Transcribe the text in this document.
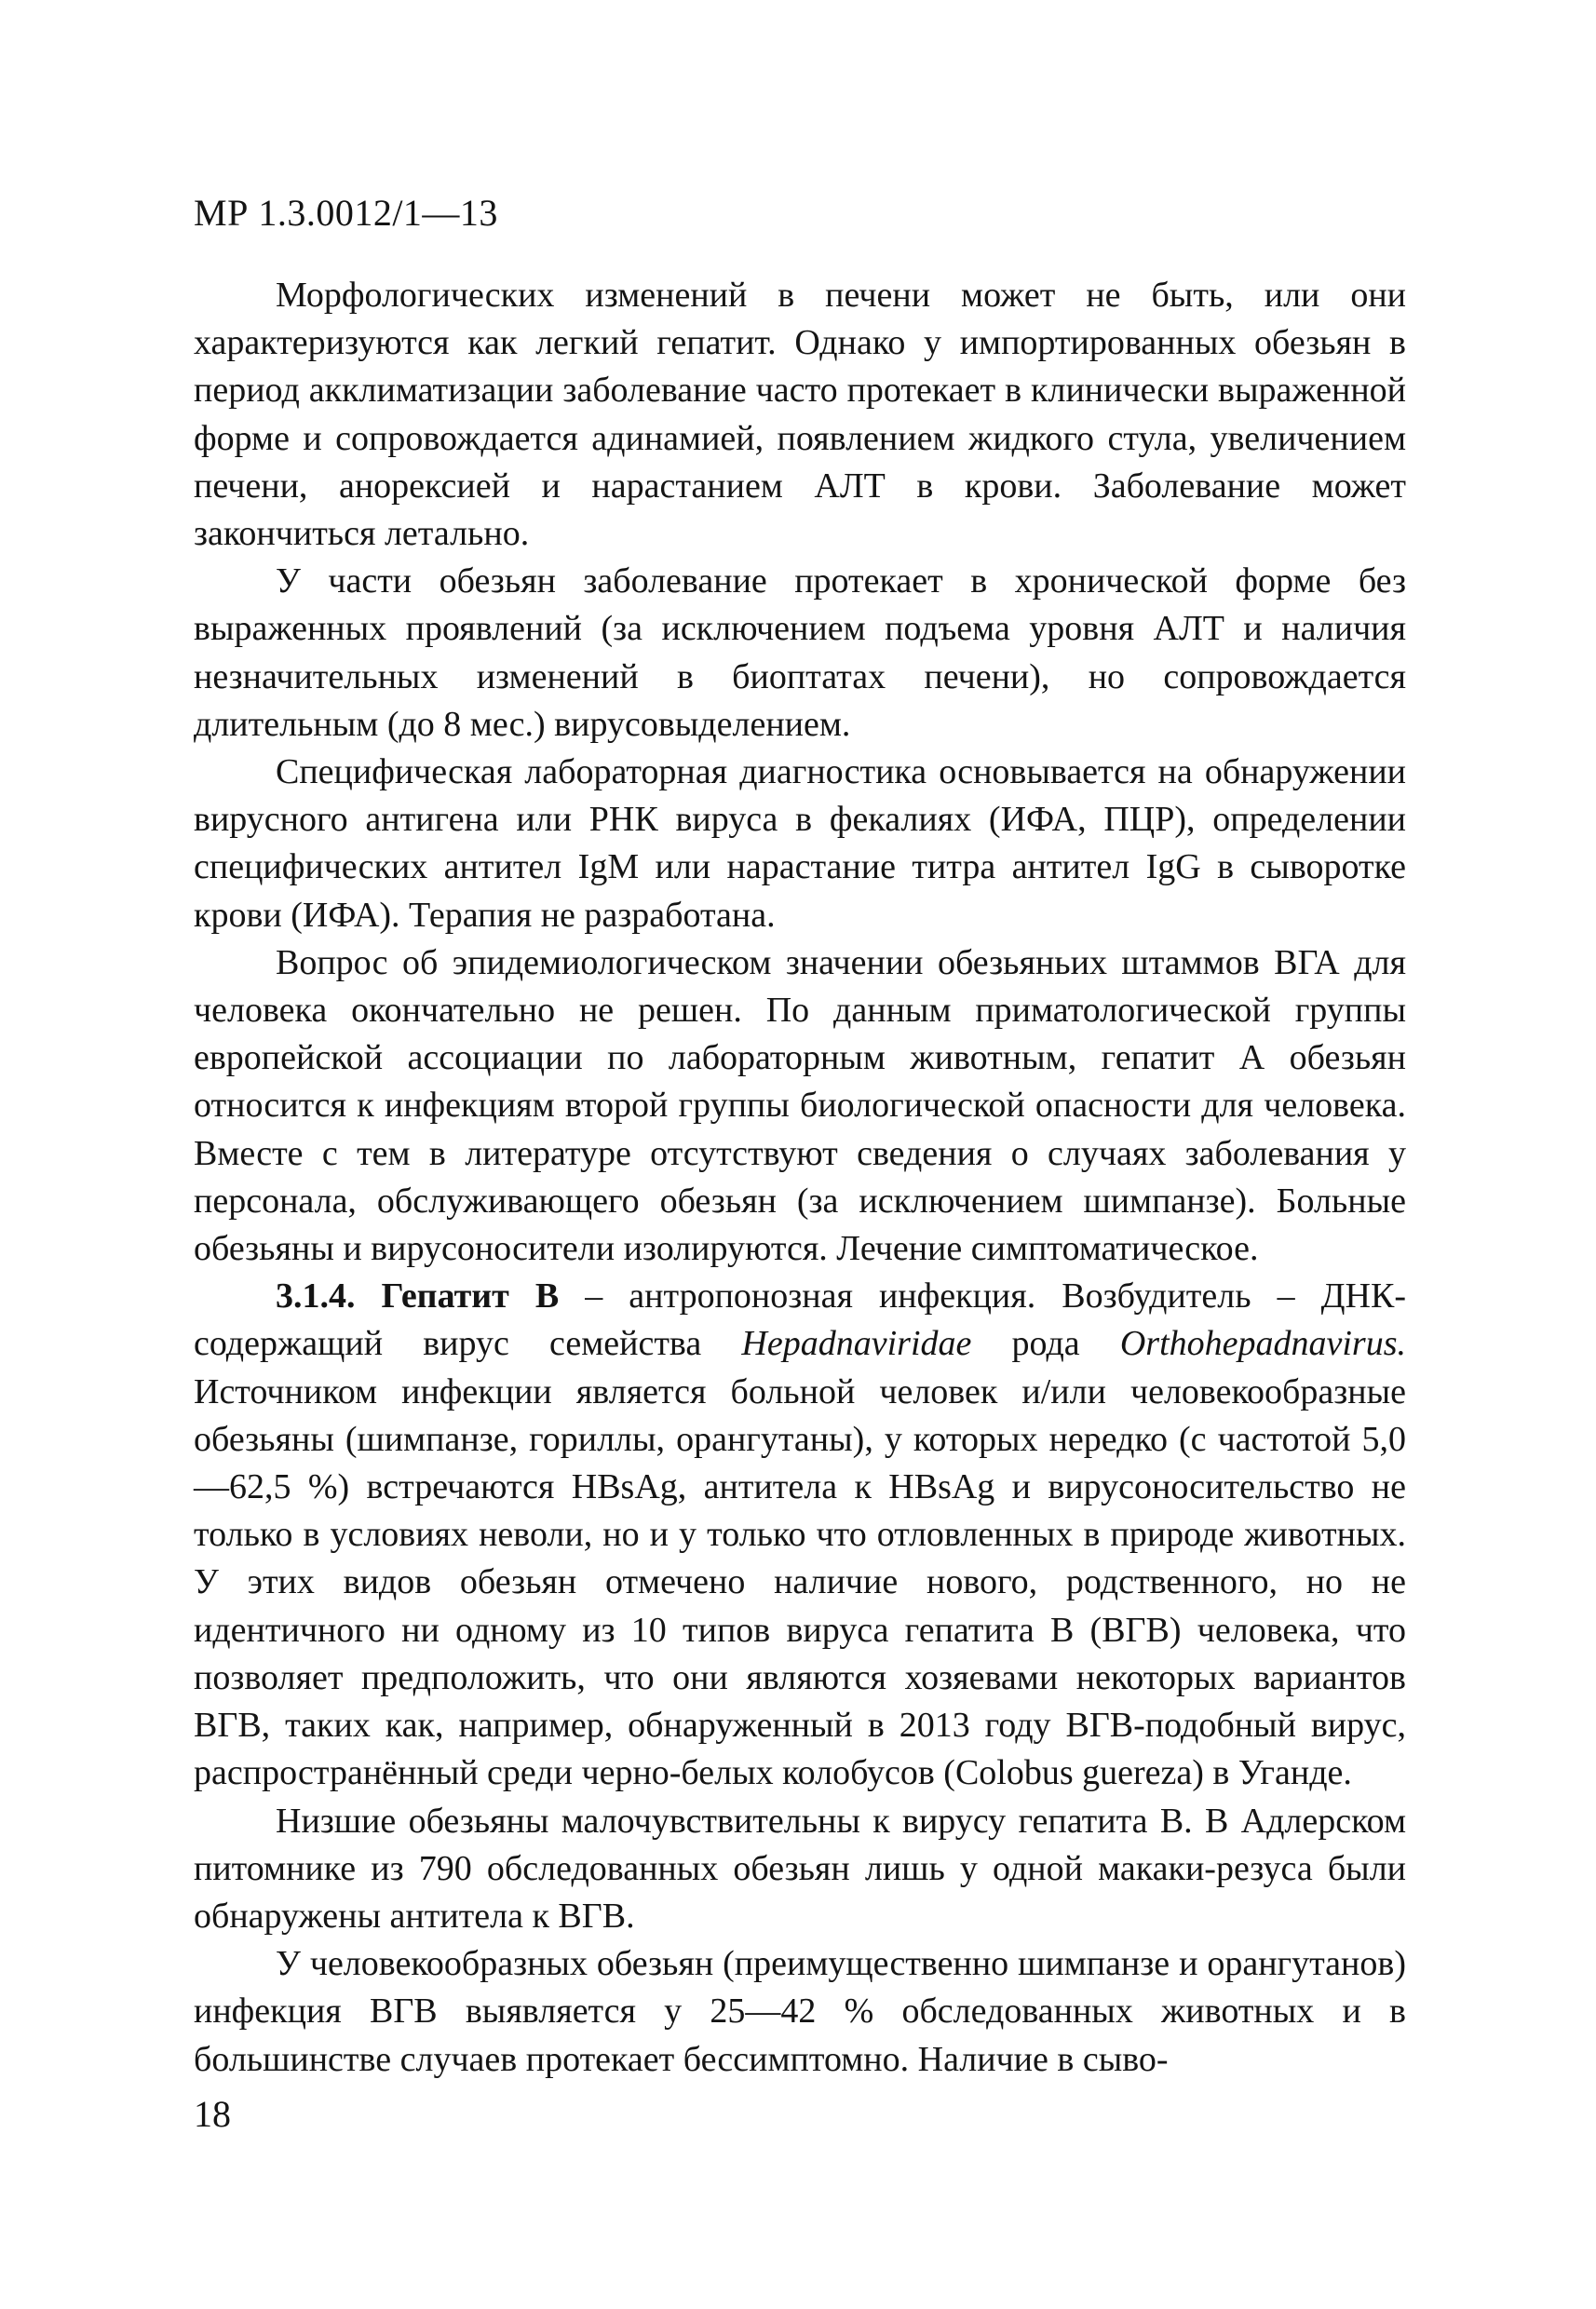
МР 1.3.0012/1—13

Морфологических изменений в печени может не быть, или они характеризуются как легкий гепатит. Однако у импортированных обезьян в период акклиматизации заболевание часто протекает в клинически выраженной форме и сопровождается адинамией, появлением жидкого стула, увеличением печени, анорексией и нарастанием АЛТ в крови. Заболевание может закончиться летально.

У части обезьян заболевание протекает в хронической форме без выраженных проявлений (за исключением подъема уровня АЛТ и наличия незначительных изменений в биоптатах печени), но сопровождается длительным (до 8 мес.) вирусовыделением.

Специфическая лабораторная диагностика основывается на обнаружении вирусного антигена или РНК вируса в фекалиях (ИФА, ПЦР), определении специфических антител IgM или нарастание титра антител IgG в сыворотке крови (ИФА). Терапия не разработана.

Вопрос об эпидемиологическом значении обезьяньих штаммов ВГА для человека окончательно не решен. По данным приматологической группы европейской ассоциации по лабораторным животным, гепатит А обезьян относится к инфекциям второй группы биологической опасности для человека. Вместе с тем в литературе отсутствуют сведения о случаях заболевания у персонала, обслуживающего обезьян (за исключением шимпанзе). Больные обезьяны и вирусоносители изолируются. Лечение симптоматическое.

3.1.4. Гепатит В – антропонозная инфекция. Возбудитель – ДНК-содержащий вирус семейства Hepadnaviridae рода Orthohepadnavirus. Источником инфекции является больной человек и/или человекообразные обезьяны (шимпанзе, гориллы, орангутаны), у которых нередко (с частотой 5,0—62,5 %) встречаются HBsAg, антитела к HBsAg и вирусоносительство не только в условиях неволи, но и у только что отловленных в природе животных. У этих видов обезьян отмечено наличие нового, родственного, но не идентичного ни одному из 10 типов вируса гепатита В (ВГВ) человека, что позволяет предположить, что они являются хозяевами некоторых вариантов ВГВ, таких как, например, обнаруженный в 2013 году ВГВ-подобный вирус, распространённый среди черно-белых колобусов (Colobus guereza) в Уганде.

Низшие обезьяны малочувствительны к вирусу гепатита В. В Адлерском питомнике из 790 обследованных обезьян лишь у одной макаки-резуса были обнаружены антитела к ВГВ.

У человекообразных обезьян (преимущественно шимпанзе и орангутанов) инфекция ВГВ выявляется у 25—42 % обследованных животных и в большинстве случаев протекает бессимптомно. Наличие в сыво-

18
